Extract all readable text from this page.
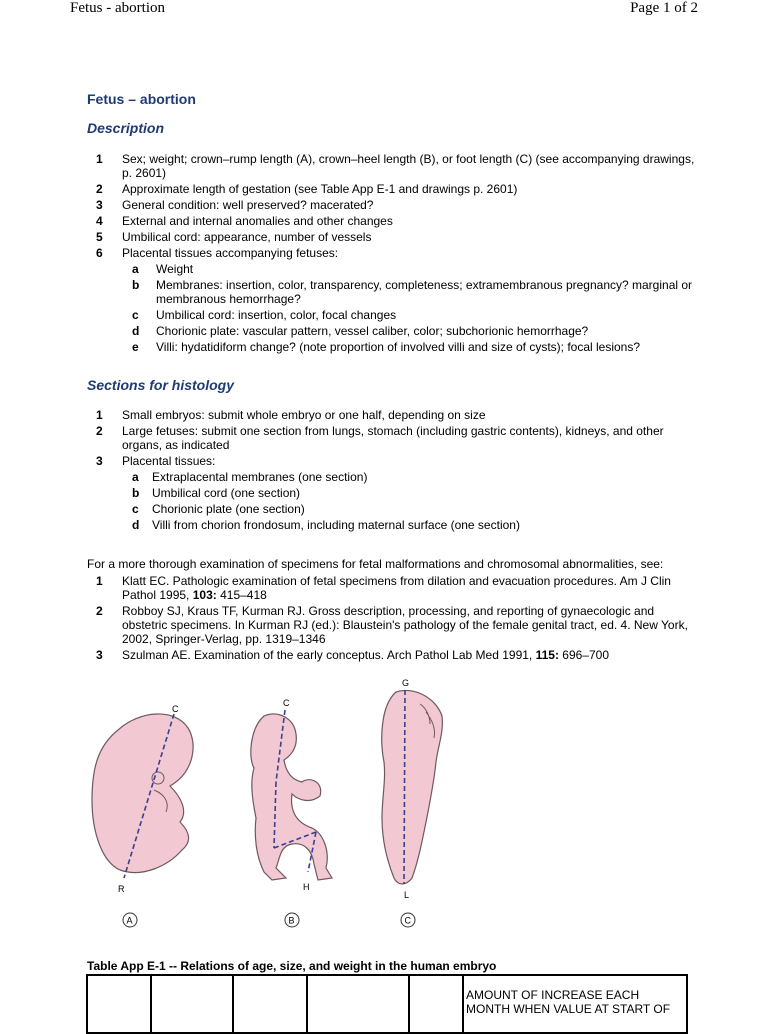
Fetus - abortion	Page 1 of 2
Fetus – abortion
Description
1	Sex; weight; crown–rump length (A), crown–heel length (B), or foot length (C) (see accompanying drawings, p. 2601)
2	Approximate length of gestation (see Table App E-1 and drawings p. 2601)
3	General condition: well preserved? macerated?
4	External and internal anomalies and other changes
5	Umbilical cord: appearance, number of vessels
6	Placental tissues accompanying fetuses:
a	Weight
b	Membranes: insertion, color, transparency, completeness; extramembranous pregnancy? marginal or membranous hemorrhage?
c	Umbilical cord: insertion, color, focal changes
d	Chorionic plate: vascular pattern, vessel caliber, color; subchorionic hemorrhage?
e	Villi: hydatidiform change? (note proportion of involved villi and size of cysts); focal lesions?
Sections for histology
1	Small embryos: submit whole embryo or one half, depending on size
2	Large fetuses: submit one section from lungs, stomach (including gastric contents), kidneys, and other organs, as indicated
3	Placental tissues:
a	Extraplacental membranes (one section)
b	Umbilical cord (one section)
c	Chorionic plate (one section)
d	Villi from chorion frondosum, including maternal surface (one section)
For a more thorough examination of specimens for fetal malformations and chromosomal abnormalities, see:
1	Klatt EC. Pathologic examination of fetal specimens from dilation and evacuation procedures. Am J Clin Pathol 1995, 103: 415–418
2	Robboy SJ, Kraus TF, Kurman RJ. Gross description, processing, and reporting of gynaecologic and obstetric specimens. In Kurman RJ (ed.): Blaustein's pathology of the female genital tract, ed. 4. New York, 2002, Springer-Verlag, pp. 1319–1346
3	Szulman AE. Examination of the early conceptus. Arch Pathol Lab Med 1991, 115: 696–700
C
R
A
C
H
B
G
L
C
Table App E-1 -- Relations of age, size, and weight in the human embryo
					AMOUNT OF INCREASE EACH MONTH WHEN VALUE AT START OF
